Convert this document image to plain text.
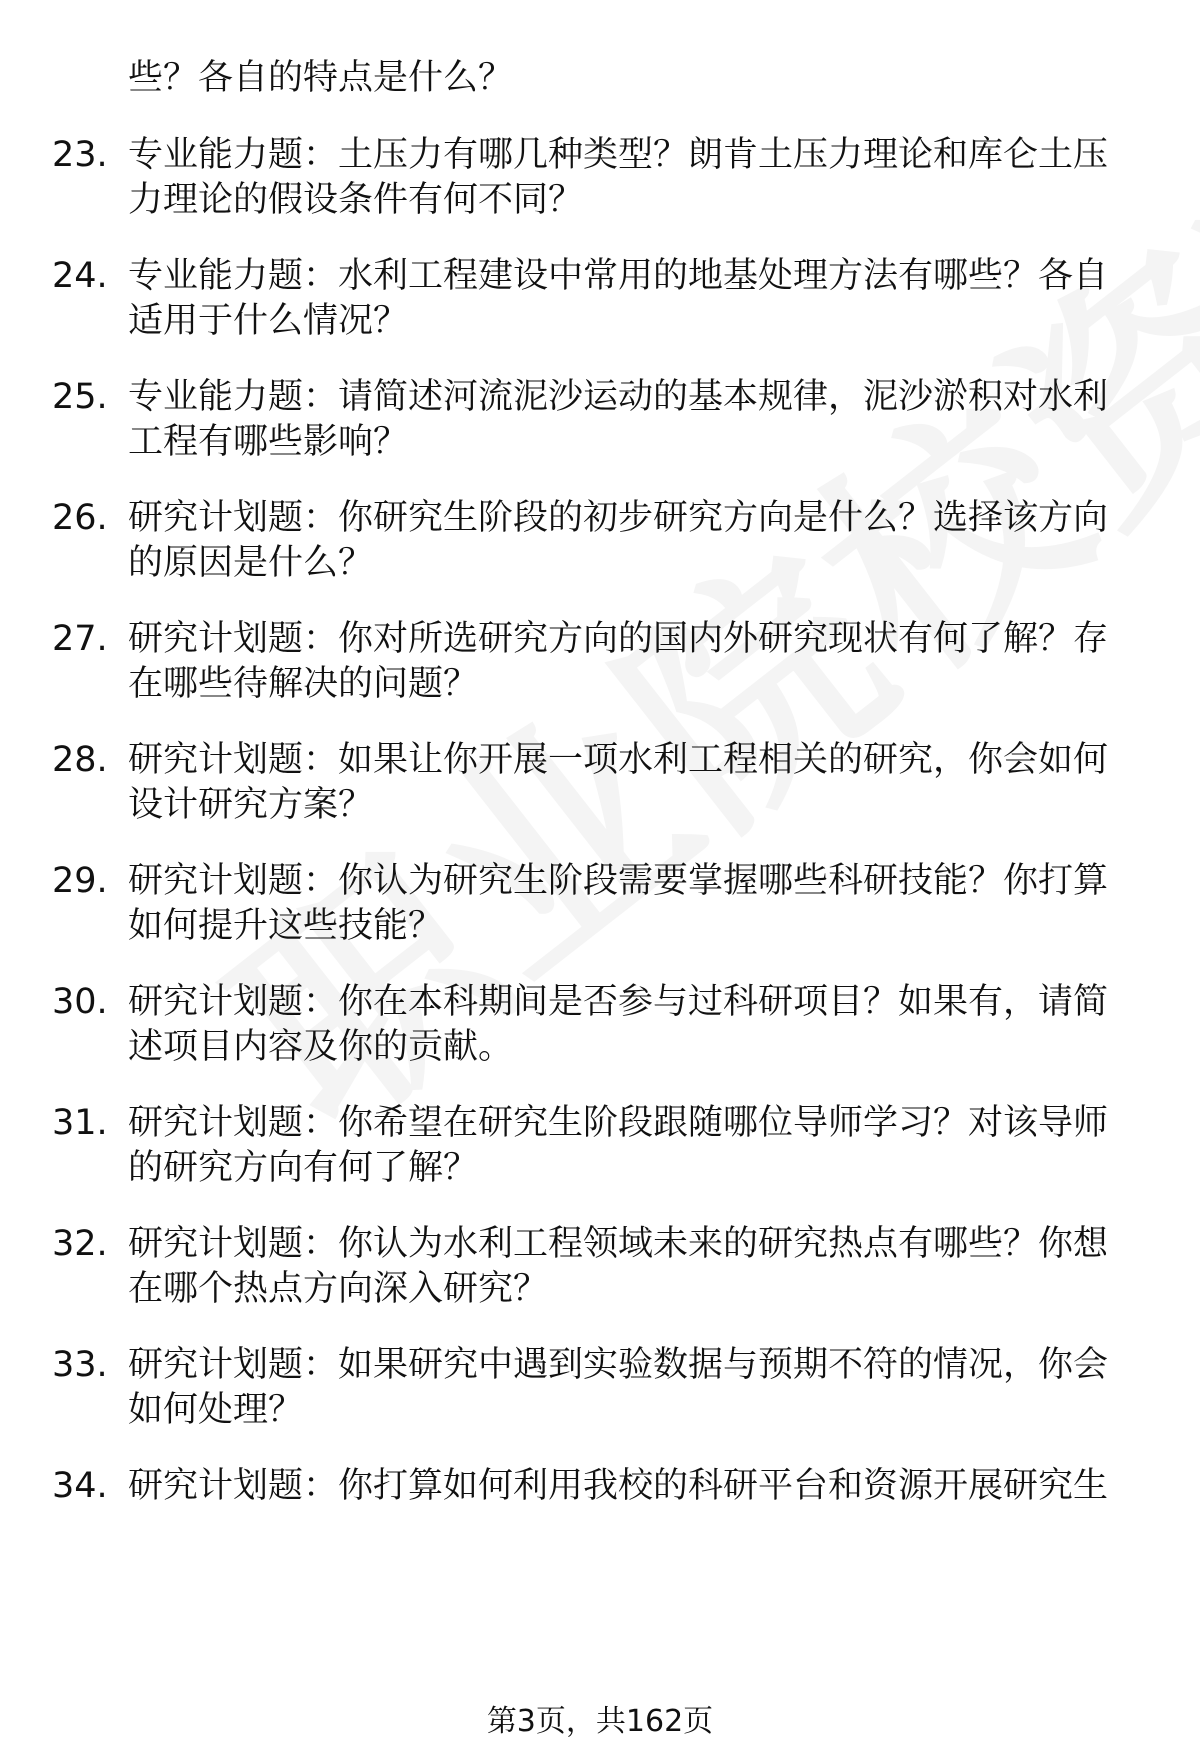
些？各自的特点是什么？
23. 专业能力题：土压力有哪几种类型？朗肯土压力理论和库仑土压
力理论的假设条件有何不同？
24. 专业能力题：水利工程建设中常用的地基处理方法有哪些？各自
适用于什么情况？
25. 专业能力题：请简述河流泥沙运动的基本规律，泥沙淤积对水利
工程有哪些影响？
26. 研究计划题：你研究生阶段的初步研究方向是什么？选择该方向
的原因是什么？
27. 研究计划题：你对所选研究方向的国内外研究现状有何了解？存
在哪些待解决的问题？
28. 研究计划题：如果让你开展一项水利工程相关的研究，你会如何
设计研究方案？
29. 研究计划题：你认为研究生阶段需要掌握哪些科研技能？你打算
如何提升这些技能？
30. 研究计划题：你在本科期间是否参与过科研项目？如果有，请简
述项目内容及你的贡献。
31. 研究计划题：你希望在研究生阶段跟随哪位导师学习？对该导师
的研究方向有何了解？
32. 研究计划题：你认为水利工程领域未来的研究热点有哪些？你想
在哪个热点方向深入研究？
33. 研究计划题：如果研究中遇到实验数据与预期不符的情况，你会
如何处理？
34. 研究计划题：你打算如何利用我校的科研平台和资源开展研究生
第3页，共162页
